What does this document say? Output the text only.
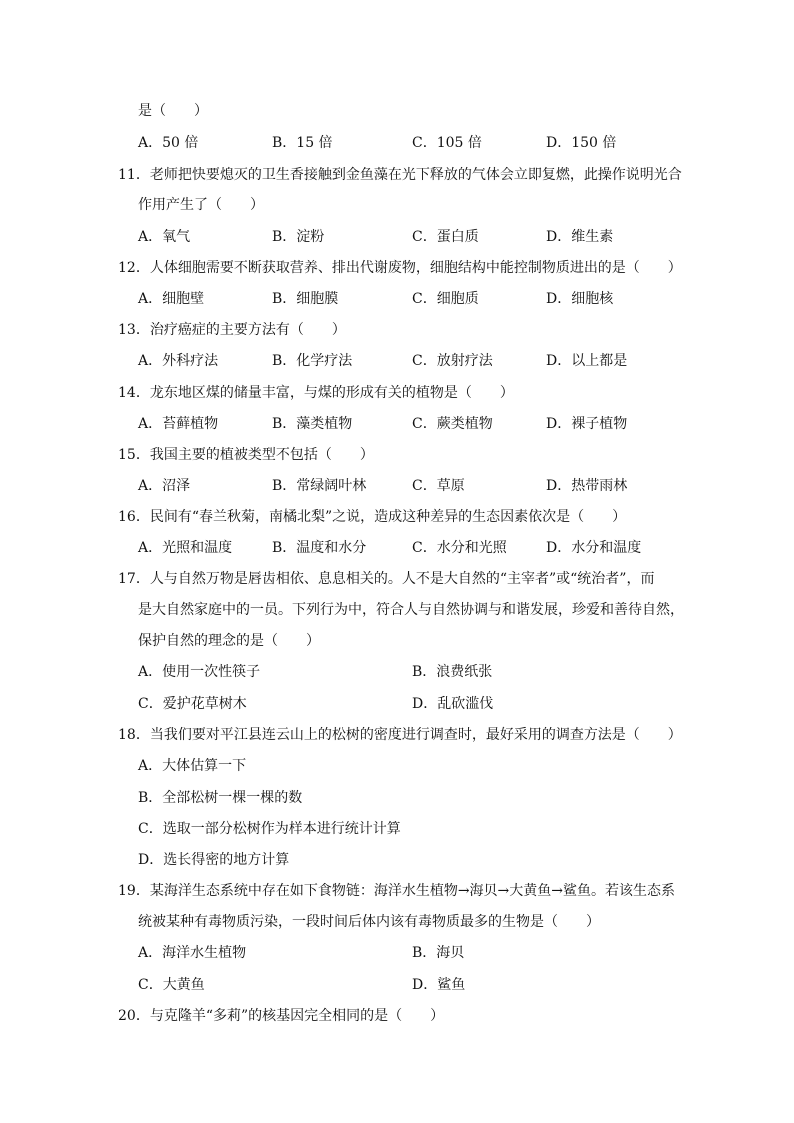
是（　　）
A．50 倍	B．15 倍	C．105 倍	D．150 倍
11．老师把快要熄灭的卫生香接触到金鱼藻在光下释放的气体会立即复燃，此操作说明光合
作用产生了（　　）
A．氧气	B．淀粉	C．蛋白质	D．维生素
12．人体细胞需要不断获取营养、排出代谢废物，细胞结构中能控制物质进出的是（　　）
A．细胞壁	B．细胞膜	C．细胞质	D．细胞核
13．治疗癌症的主要方法有（　　）
A．外科疗法	B．化学疗法	C．放射疗法	D．以上都是
14．龙东地区煤的储量丰富，与煤的形成有关的植物是（　　）
A．苔藓植物	B．藻类植物	C．蕨类植物	D．裸子植物
15．我国主要的植被类型不包括（　　）
A．沼泽	B．常绿阔叶林	C．草原	D．热带雨林
16．民间有“春兰秋菊，南橘北梨”之说，造成这种差异的生态因素依次是（　　）
A．光照和温度	B．温度和水分	C．水分和光照	D．水分和温度
17．人与自然万物是唇齿相依、息息相关的。人不是大自然的“主宰者”或“统治者”，而
是大自然家庭中的一员。下列行为中，符合人与自然协调与和谐发展，珍爱和善待自然，
保护自然的理念的是（　　）
A．使用一次性筷子	B．浪费纸张
C．爱护花草树木	D．乱砍滥伐
18．当我们要对平江县连云山上的松树的密度进行调查时，最好采用的调查方法是（　　）
A．大体估算一下
B．全部松树一棵一棵的数
C．选取一部分松树作为样本进行统计计算
D．选长得密的地方计算
19．某海洋生态系统中存在如下食物链：海洋水生植物→海贝→大黄鱼→鲨鱼。若该生态系
统被某种有毒物质污染，一段时间后体内该有毒物质最多的生物是（　　）
A．海洋水生植物	B．海贝
C．大黄鱼	D．鲨鱼
20．与克隆羊“多莉”的核基因完全相同的是（　　）
